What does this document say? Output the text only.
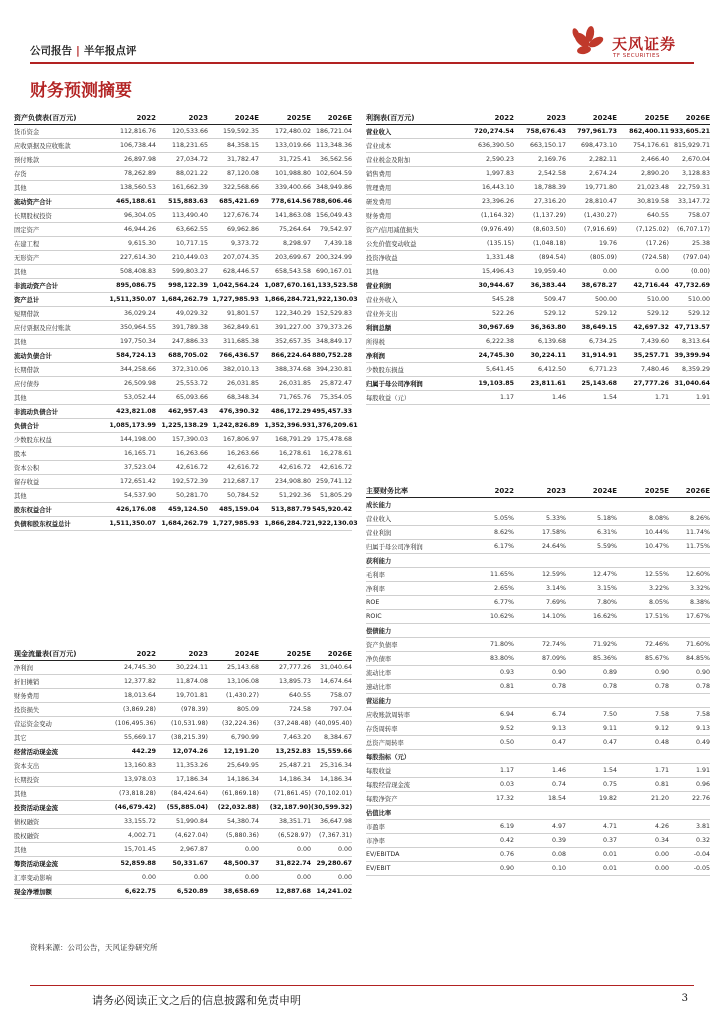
公司报告 | 半年报点评	天风证券
TF SECURITIES
财务预测摘要
资产负债表(百万元)	2022	2023	2024E	2025E	2026E
货币资金	112,816.76	120,533.66	159,592.35	172,480.02	186,721.04
应收票据及应收账款	106,738.44	118,231.65	84,358.15	133,019.66	113,348.36
预付账款	26,897.98	27,034.72	31,782.47	31,725.41	36,562.56
存货	78,262.89	88,021.22	87,120.08	101,988.80	102,604.59
其他	138,560.53	161,662.39	322,568.66	339,400.66	348,949.86
流动资产合计	465,188.61	515,883.63	685,421.69	778,614.56	788,606.46
长期股权投资	96,304.05	113,490.40	127,676.74	141,863.08	156,049.43
固定资产	46,944.26	63,662.55	69,962.86	75,264.64	79,542.97
在建工程	9,615.30	10,717.15	9,373.72	8,298.97	7,439.18
无形资产	227,614.30	210,449.03	207,074.35	203,699.67	200,324.99
其他	508,408.83	599,803.27	628,446.57	658,543.58	690,167.01
非流动资产合计	895,086.75	998,122.39	1,042,564.24	1,087,670.16	1,133,523.58
资产总计	1,511,350.07	1,684,262.79	1,727,985.93	1,866,284.72	1,922,130.03
短期借款	36,029.24	49,029.32	91,801.57	122,340.29	152,529.83
应付票据及应付账款	350,964.55	391,789.38	362,849.61	391,227.00	379,373.26
其他	197,750.34	247,886.33	311,685.38	352,657.35	348,849.17
流动负债合计	584,724.13	688,705.02	766,436.57	866,224.64	880,752.28
长期借款	344,258.66	372,310.06	382,010.13	388,374.68	394,230.81
应付债券	26,509.98	25,553.72	26,031.85	26,031.85	25,872.47
其他	53,052.44	65,093.66	68,348.34	71,765.76	75,354.05
非流动负债合计	423,821.08	462,957.43	476,390.32	486,172.29	495,457.33
负债合计	1,085,173.99	1,225,138.29	1,242,826.89	1,352,396.93	1,376,209.61
少数股东权益	144,198.00	157,390.03	167,806.97	168,791.29	175,478.68
股本	16,165.71	16,263.66	16,263.66	16,278.61	16,278.61
资本公积	37,523.04	42,616.72	42,616.72	42,616.72	42,616.72
留存收益	172,651.42	192,572.39	212,687.17	234,908.80	259,741.12
其他	54,537.90	50,281.70	50,784.52	51,292.36	51,805.29
股东权益合计	426,176.08	459,124.50	485,159.04	513,887.79	545,920.42
负债和股东权益总计	1,511,350.07	1,684,262.79	1,727,985.93	1,866,284.72	1,922,130.03
利润表(百万元)	2022	2023	2024E	2025E	2026E
营业收入	720,274.54	758,676.43	797,961.73	862,400.11	933,605.21
营业成本	636,390.50	663,150.17	698,473.10	754,176.61	815,929.71
营业税金及附加	2,590.23	2,169.76	2,282.11	2,466.40	2,670.04
销售费用	1,997.83	2,542.58	2,674.24	2,890.20	3,128.83
管理费用	16,443.10	18,788.39	19,771.80	21,023.48	22,759.31
研发费用	23,396.26	27,316.20	28,810.47	30,819.58	33,147.72
财务费用	(1,164.32)	(1,137.29)	(1,430.27)	640.55	758.07
资产/信用减值损失	(9,976.49)	(8,603.50)	(7,916.69)	(7,125.02)	(6,707.17)
公允价值变动收益	(135.15)	(1,048.18)	19.76	(17.26)	25.38
投资净收益	1,331.48	(894.54)	(805.09)	(724.58)	(797.04)
其他	15,496.43	19,959.40	0.00	0.00	(0.00)
营业利润	30,944.67	36,383.44	38,678.27	42,716.44	47,732.69
营业外收入	545.28	509.47	500.00	510.00	510.00
营业外支出	522.26	529.12	529.12	529.12	529.12
利润总额	30,967.69	36,363.80	38,649.15	42,697.32	47,713.57
所得税	6,222.38	6,139.68	6,734.25	7,439.60	8,313.64
净利润	24,745.30	30,224.11	31,914.91	35,257.71	39,399.94
少数股东损益	5,641.45	6,412.50	6,771.23	7,480.46	8,359.29
归属于母公司净利润	19,103.85	23,811.61	25,143.68	27,777.26	31,040.64
每股收益（元）	1.17	1.46	1.54	1.71	1.91
主要财务比率	2022	2023	2024E	2025E	2026E
成长能力					
营业收入	5.05%	5.33%	5.18%	8.08%	8.26%
营业利润	8.62%	17.58%	6.31%	10.44%	11.74%
归属于母公司净利润	6.17%	24.64%	5.59%	10.47%	11.75%
获利能力					
毛利率	11.65%	12.59%	12.47%	12.55%	12.60%
净利率	2.65%	3.14%	3.15%	3.22%	3.32%
ROE	6.77%	7.69%	7.80%	8.05%	8.38%
ROIC	10.62%	14.10%	16.62%	17.51%	17.67%
偿债能力					
资产负债率	71.80%	72.74%	71.92%	72.46%	71.60%
净负债率	83.80%	87.09%	85.36%	85.67%	84.85%
流动比率	0.93	0.90	0.89	0.90	0.90
速动比率	0.81	0.78	0.78	0.78	0.78
营运能力					
应收账款周转率	6.94	6.74	7.50	7.58	7.58
存货周转率	9.52	9.13	9.11	9.12	9.13
总资产周转率	0.50	0.47	0.47	0.48	0.49
每股指标（元）					
每股收益	1.17	1.46	1.54	1.71	1.91
每股经营现金流	0.03	0.74	0.75	0.81	0.96
每股净资产	17.32	18.54	19.82	21.20	22.76
估值比率					
市盈率	6.19	4.97	4.71	4.26	3.81
市净率	0.42	0.39	0.37	0.34	0.32
EV/EBITDA	0.76	0.08	0.01	0.00	-0.04
EV/EBIT	0.90	0.10	0.01	0.00	-0.05
现金流量表(百万元)	2022	2023	2024E	2025E	2026E
净利润	24,745.30	30,224.11	25,143.68	27,777.26	31,040.64
折旧摊销	12,377.82	11,874.08	13,106.08	13,895.73	14,674.64
财务费用	18,013.64	19,701.81	(1,430.27)	640.55	758.07
投资损失	(3,869.28)	(978.39)	805.09	724.58	797.04
营运资金变动	(106,495.36)	(10,531.98)	(32,224.36)	(37,248.48)	(40,095.40)
其它	55,669.17	(38,215.39)	6,790.99	7,463.20	8,384.67
经营活动现金流	442.29	12,074.26	12,191.20	13,252.83	15,559.66
资本支出	13,160.83	11,353.26	25,649.95	25,487.21	25,316.34
长期投资	13,978.03	17,186.34	14,186.34	14,186.34	14,186.34
其他	(73,818.28)	(84,424.64)	(61,869.18)	(71,861.45)	(70,102.01)
投资活动现金流	(46,679.42)	(55,885.04)	(22,032.88)	(32,187.90)	(30,599.32)
债权融资	33,155.72	51,990.84	54,380.74	38,351.71	36,647.98
股权融资	4,002.71	(4,627.04)	(5,880.36)	(6,528.97)	(7,367.31)
其他	15,701.45	2,967.87	0.00	0.00	0.00
筹资活动现金流	52,859.88	50,331.67	48,500.37	31,822.74	29,280.67
汇率变动影响	0.00	0.00	0.00	0.00	0.00
现金净增加额	6,622.75	6,520.89	38,658.69	12,887.68	14,241.02
资料来源：公司公告，天风证券研究所
请务必阅读正文之后的信息披露和免责申明	3
